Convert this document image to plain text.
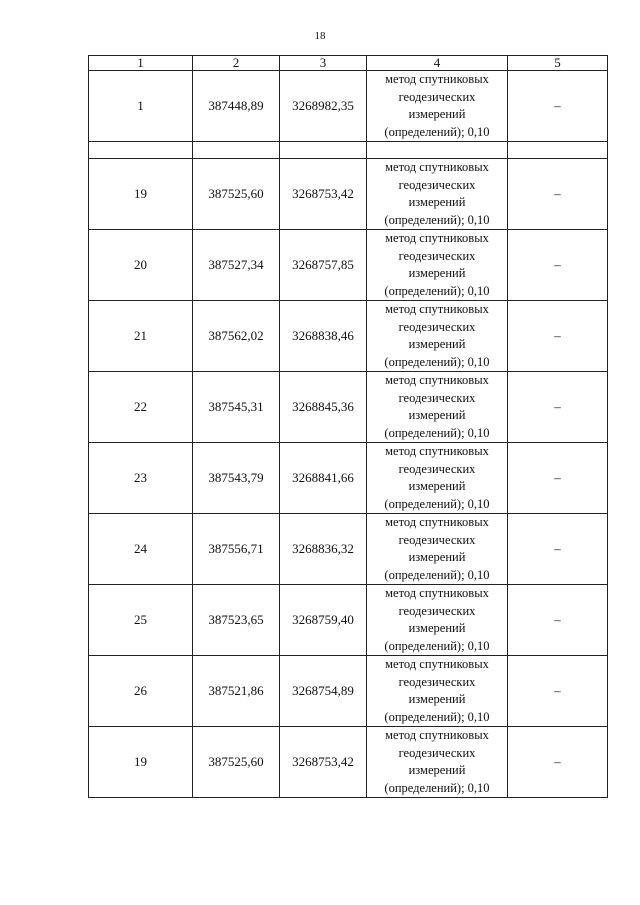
18
1	2	3	4	5
1	387448,89	3268982,35	метод спутниковых
геодезических
измерений
(определений); 0,10	–

19	387525,60	3268753,42	метод спутниковых
геодезических
измерений
(определений); 0,10	–
20	387527,34	3268757,85	метод спутниковых
геодезических
измерений
(определений); 0,10	–
21	387562,02	3268838,46	метод спутниковых
геодезических
измерений
(определений); 0,10	–
22	387545,31	3268845,36	метод спутниковых
геодезических
измерений
(определений); 0,10	–
23	387543,79	3268841,66	метод спутниковых
геодезических
измерений
(определений); 0,10	–
24	387556,71	3268836,32	метод спутниковых
геодезических
измерений
(определений); 0,10	–
25	387523,65	3268759,40	метод спутниковых
геодезических
измерений
(определений); 0,10	–
26	387521,86	3268754,89	метод спутниковых
геодезических
измерений
(определений); 0,10	–
19	387525,60	3268753,42	метод спутниковых
геодезических
измерений
(определений); 0,10	–
